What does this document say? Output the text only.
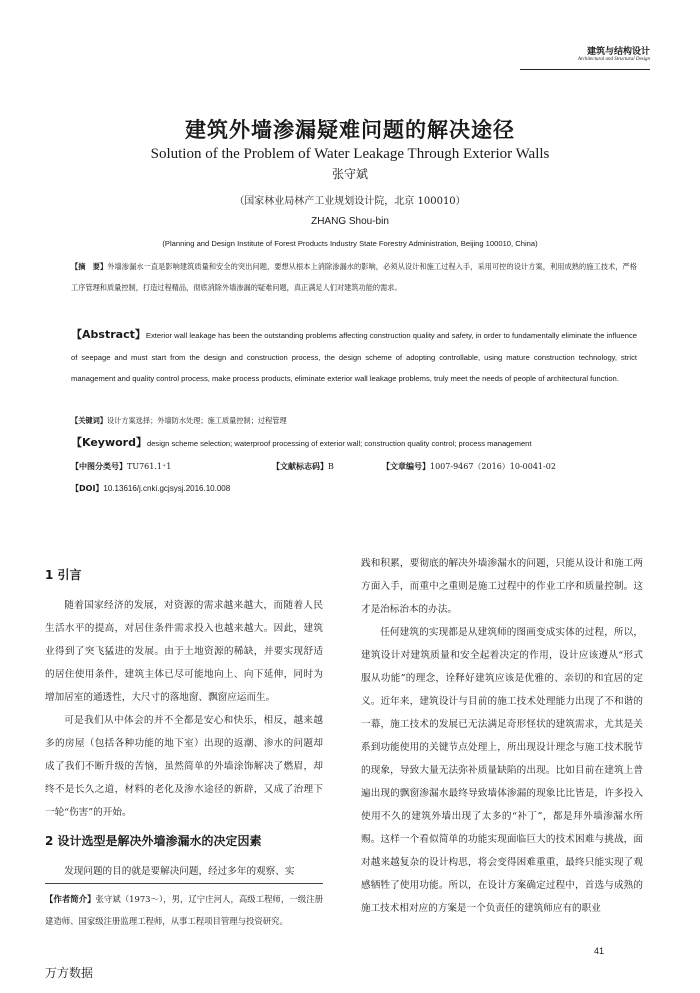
建筑与结构设计
Architectural and Structural Design
建筑外墙渗漏疑难问题的解决途径
Solution of the Problem of Water Leakage Through Exterior Walls
张守斌
（国家林业局林产工业规划设计院，北京 100010）
ZHANG Shou-bin
(Planning and Design Institute of Forest Products Industry State Forestry Administration, Beijing 100010, China)
【摘　要】外墙渗漏水一直是影响建筑质量和安全的突出问题，要想从根本上消除渗漏水的影响，必须从设计和施工过程入手，采用可控的设计方案，利用成熟的施工技术，严格工序管理和质量控制，打造过程精品，彻底消除外墙渗漏的疑难问题，真正满足人们对建筑功能的需求。
【Abstract】Exterior wall leakage has been the outstanding problems affecting construction quality and safety, in order to fundamentally eliminate the influence of seepage and must start from the design and construction process, the design scheme of adopting controllable, using mature construction technology, strict management and quality control process, make process products, eliminate exterior wall leakage problems, truly meet the needs of people of architectural function.
【关键词】设计方案选择；外墙防水处理；施工质量控制；过程管理
【Keyword】design scheme selection; waterproof processing of exterior wall; construction quality control; process management
【中图分类号】TU761.1⁺1	【文献标志码】B	【文章编号】1007-9467（2016）10-0041-02
【DOI】10.13616/j.cnki.gcjsysj.2016.10.008
1 引言

随着国家经济的发展，对资源的需求越来越大，而随着人民生活水平的提高，对居住条件需求投入也越来越大。因此，建筑业得到了突飞猛进的发展。由于土地资源的稀缺，并要实现舒适的居住使用条件，建筑主体已尽可能地向上、向下延伸，同时为增加居室的通透性，大尺寸的落地窗、飘窗应运而生。

可是我们从中体会的并不全都是安心和快乐，相反，越来越多的房屋（包括各种功能的地下室）出现的返潮、渗水的问题却成了我们不断升级的苦恼，虽然简单的外墙涂饰解决了燃眉，却终不是长久之道，材料的老化及渗水途径的新辟，又成了治理下一轮“伤害”的开始。

2 设计选型是解决外墙渗漏水的决定因素

发现问题的目的就是要解决问题，经过多年的观察、实

【作者简介】张守斌（1973～），男，辽宁庄河人，高级工程师，一级注册建造师、国家级注册监理工程师，从事工程项目管理与投资研究。

践和积累，要彻底的解决外墙渗漏水的问题，只能从设计和施工两方面入手，而重中之重则是施工过程中的作业工序和质量控制。这才是治标治本的办法。

任何建筑的实现都是从建筑师的图画变成实体的过程，所以，建筑设计对建筑质量和安全起着决定的作用，设计应该遵从“形式服从功能”的理念，诠释好建筑应该是优雅的、亲切的和宜居的定义。近年来，建筑设计与目前的施工技术处理能力出现了不和谐的一幕，施工技术的发展已无法满足奇形怪状的建筑需求，尤其是关系到功能使用的关键节点处理上，所出现设计理念与施工技术脱节的现象，导致大量无法弥补质量缺陷的出现。比如目前在建筑上普遍出现的飘窗渗漏水最终导致墙体渗漏的现象比比皆是，许多投入使用不久的建筑外墙出现了太多的“补丁”，都是拜外墙渗漏水所赐。这样一个看似简单的功能实现面临巨大的技术困难与挑战，面对越来越复杂的设计构思，将会变得困难重重，最终只能实现了观感牺牲了使用功能。所以，在设计方案确定过程中，首选与成熟的施工技术相对应的方案是一个负责任的建筑师应有的职业

41
万方数据
